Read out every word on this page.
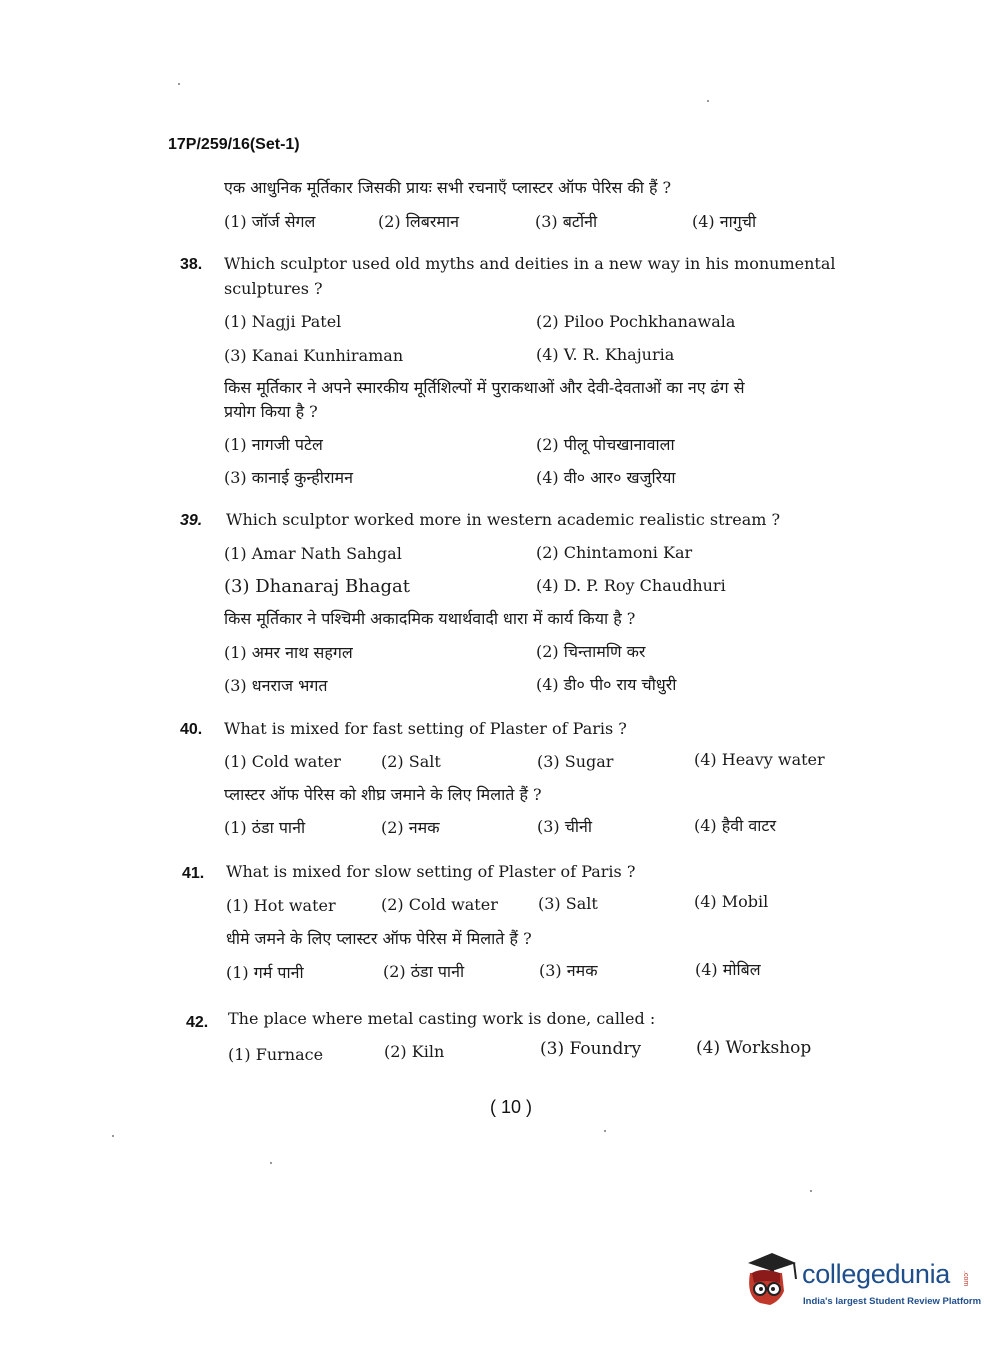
17P/259/16(Set-1)
एक आधुनिक मूर्तिकार जिसकी प्रायः सभी रचनाएँ प्लास्टर ऑफ पेरिस की हैं ?
(1) जॉर्ज सेगल	(2) लिबरमान	(3) बर्टोनी	(4) नागुची
38. Which sculptor used old myths and deities in a new way in his monumental
sculptures ?
(1) Nagji Patel	(2) Piloo Pochkhanawala
(3) Kanai Kunhiraman	(4) V. R. Khajuria
किस मूर्तिकार ने अपने स्मारकीय मूर्तिशिल्पों में पुराकथाओं और देवी-देवताओं का नए ढंग से
प्रयोग किया है ?
(1) नागजी पटेल	(2) पीलू पोचखानावाला
(3) कानाई कुन्हीरामन	(4) वी० आर० खजुरिया
39. Which sculptor worked more in western academic realistic stream ?
(1) Amar Nath Sahgal	(2) Chintamoni Kar
(3) Dhanaraj Bhagat	(4) D. P. Roy Chaudhuri
किस मूर्तिकार ने पश्चिमी अकादमिक यथार्थवादी धारा में कार्य किया है ?
(1) अमर नाथ सहगल	(2) चिन्तामणि कर
(3) धनराज भगत	(4) डी० पी० राय चौधुरी
40. What is mixed for fast setting of Plaster of Paris ?
(1) Cold water	(2) Salt	(3) Sugar	(4) Heavy water
प्लास्टर ऑफ पेरिस को शीघ्र जमाने के लिए मिलाते हैं ?
(1) ठंडा पानी	(2) नमक	(3) चीनी	(4) हैवी वाटर
41. What is mixed for slow setting of Plaster of Paris ?
(1) Hot water	(2) Cold water	(3) Salt	(4) Mobil
धीमे जमने के लिए प्लास्टर ऑफ पेरिस में मिलाते हैं ?
(1) गर्म पानी	(2) ठंडा पानी	(3) नमक	(4) मोबिल
42. The place where metal casting work is done, called :
(1) Furnace	(2) Kiln	(3) Foundry	(4) Workshop
( 10 )
collegedunia .com
India's largest Student Review Platform
